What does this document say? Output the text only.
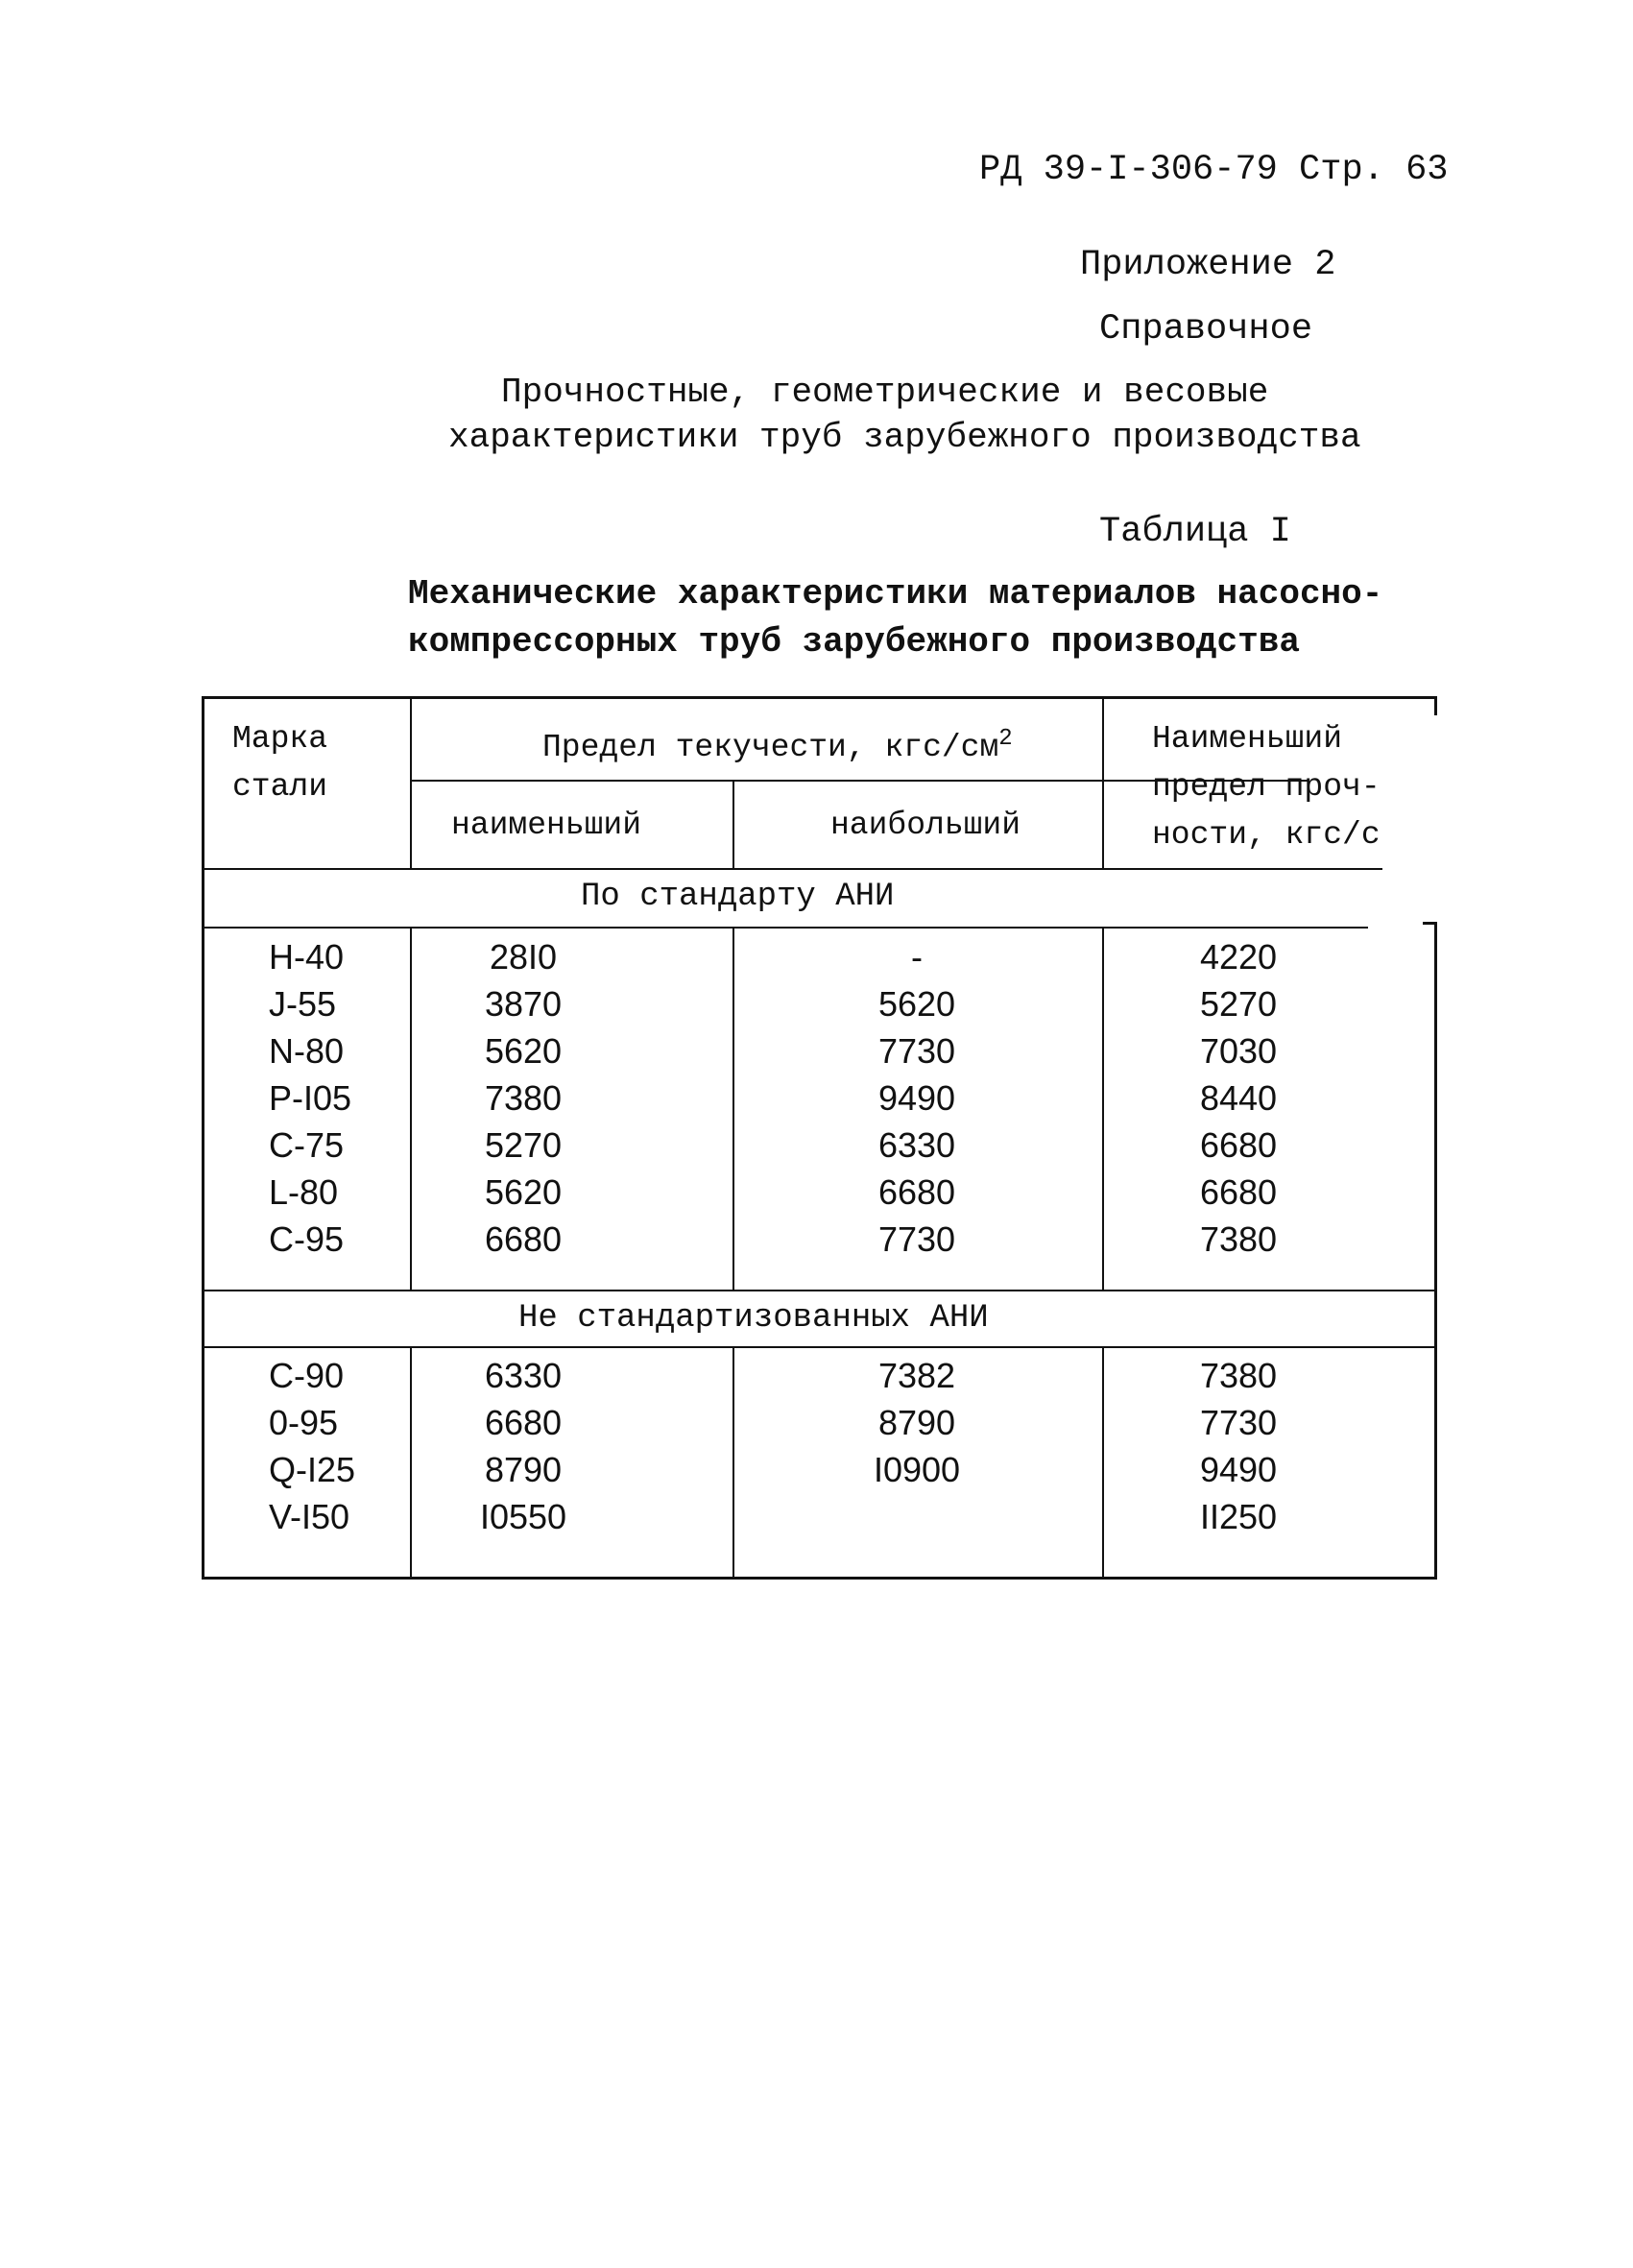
РД 39-I-306-79 Стр. 63
Приложение 2
Справочное
Прочностные, геометрические и весовые
характеристики труб зарубежного производства
Таблица I
Механические характеристики материалов насосно-
компрессорных труб зарубежного производства
Марка
стали
Предел текучести, кгс/$см^2$
наименьший	наибольший
Наименьший
предел проч-
ности, кгс/с
По стандарту АНИ
Не стандартизованных АНИ
H-40
J-55
N-80
P-I05
C-75
L-80
C-95
28I0
3870
5620
7380
5270
5620
6680
-
5620
7730
9490
6330
6680
7730
4220
5270
7030
8440
6680
6680
7380
C-90
0-95
Q-I25
V-I50
6330
6680
8790
I0550
7382
8790
I0900
7380
7730
9490
II250
